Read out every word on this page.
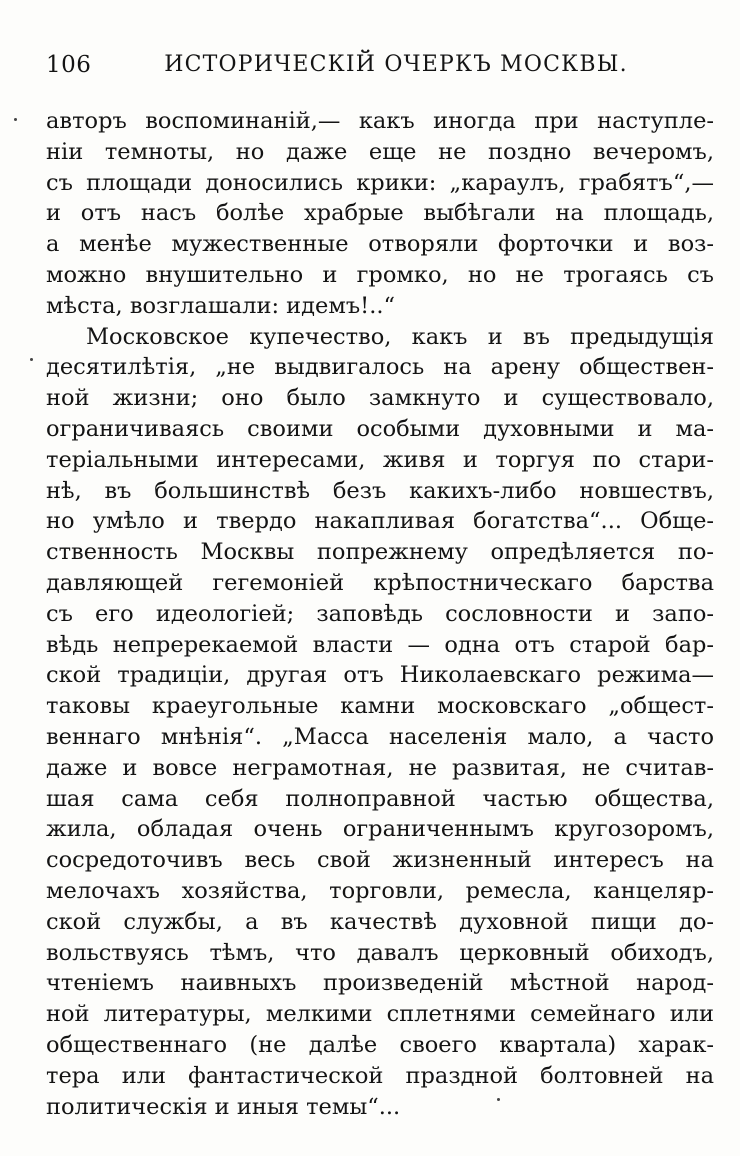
106	ИСТОРИЧЕСКІЙ ОЧЕРКЪ МОСКВЫ.
авторъ воспоминаній,— какъ иногда при наступле-
ніи темноты, но даже еще не поздно вечеромъ,
съ площади доносились крики: „караулъ, грабятъ“,—
и отъ насъ болѣе храбрые выбѣгали на площадь,
а менѣе мужественные отворяли форточки и воз-
можно внушительно и громко, но не трогаясь съ
мѣста, возглашали: идемъ!..“
Московское купечество, какъ и въ предыдущія
десятилѣтія, „не выдвигалось на арену обществен-
ной жизни; оно было замкнуто и существовало,
ограничиваясь своими особыми духовными и ма-
теріальными интересами, живя и торгуя по стари-
нѣ, въ большинствѣ безъ какихъ-либо новшествъ,
но умѣло и твердо накапливая богатства“... Обще-
ственность Москвы попрежнему опредѣляется по-
давляющей гегемоніей крѣпостническаго барства
съ его идеологіей; заповѣдь сословности и запо-
вѣдь непререкаемой власти — одна отъ старой бар-
ской традиціи, другая отъ Николаевскаго режима—
таковы краеугольные камни московскаго „общест-
веннаго мнѣнія“. „Масса населенія мало, а часто
даже и вовсе неграмотная, не развитая, не считав-
шая сама себя полноправной частью общества,
жила, обладая очень ограниченнымъ кругозоромъ,
сосредоточивъ весь свой жизненный интересъ на
мелочахъ хозяйства, торговли, ремесла, канцеляр-
ской службы, а въ качествѣ духовной пищи до-
вольствуясь тѣмъ, что давалъ церковный обиходъ,
чтеніемъ наивныхъ произведеній мѣстной народ-
ной литературы, мелкими сплетнями семейнаго или
общественнаго (не далѣе своего квартала) харак-
тера или фантастической праздной болтовней на
политическія и иныя темы“...
